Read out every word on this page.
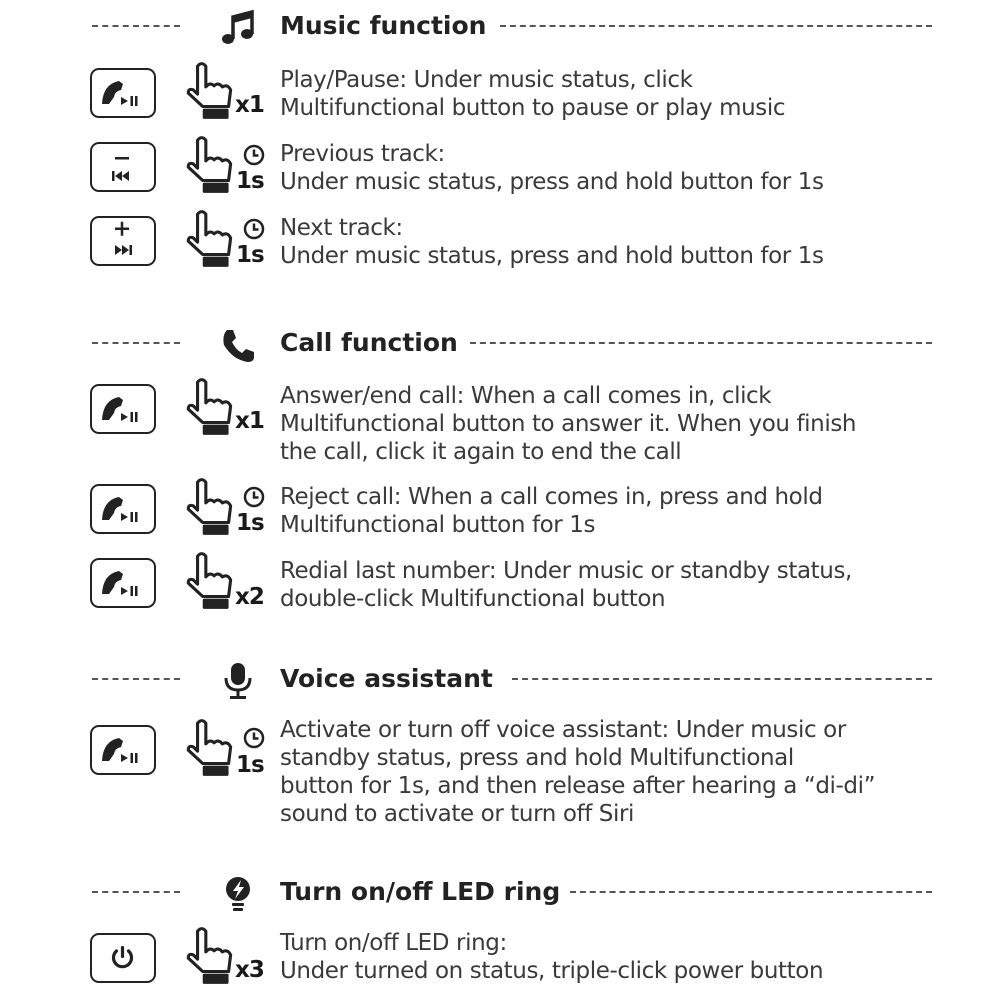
Music function
x1
Play/Pause: Under music status, click
Multifunctional button to pause or play music
1s
Previous track:
Under music status, press and hold button for 1s
1s
Next track:
Under music status, press and hold button for 1s
Call function
x1
Answer/end call: When a call comes in, click
Multifunctional button to answer it. When you finish
the call, click it again to end the call
1s
Reject call: When a call comes in, press and hold
Multifunctional button for 1s
x2
Redial last number: Under music or standby status,
double-click Multifunctional button
Voice assistant
1s
Activate or turn off voice assistant: Under music or
standby status, press and hold Multifunctional
button for 1s, and then release after hearing a “di-di”
sound to activate or turn off Siri
Turn on/off LED ring
x3
Turn on/off LED ring:
Under turned on status, triple-click power button
